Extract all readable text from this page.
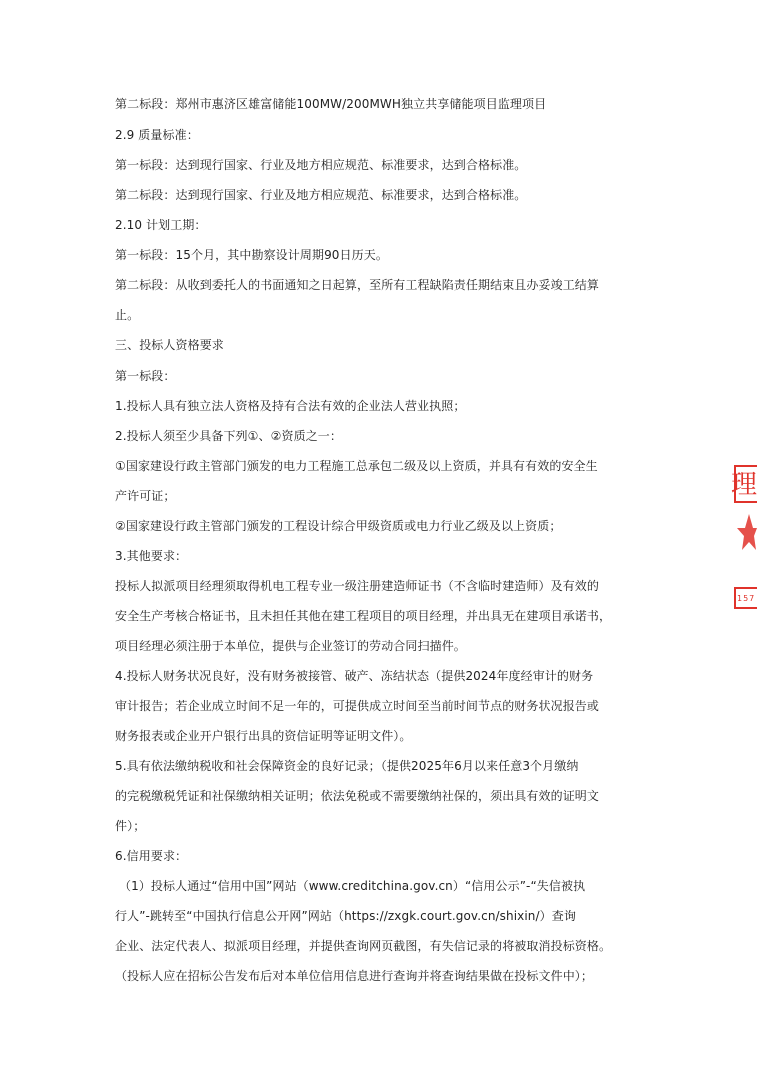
第二标段：郑州市惠济区雄富储能100MW/200MWH独立共享储能项目监理项目
2.9 质量标准：
第一标段：达到现行国家、行业及地方相应规范、标准要求，达到合格标准。
第二标段：达到现行国家、行业及地方相应规范、标准要求，达到合格标准。
2.10 计划工期：
第一标段：15个月，其中勘察设计周期90日历天。
第二标段：从收到委托人的书面通知之日起算，至所有工程缺陷责任期结束且办妥竣工结算
止。
三、投标人资格要求
第一标段：
1.投标人具有独立法人资格及持有合法有效的企业法人营业执照；
2.投标人须至少具备下列①、②资质之一：
①国家建设行政主管部门颁发的电力工程施工总承包二级及以上资质，并具有有效的安全生
产许可证；
②国家建设行政主管部门颁发的工程设计综合甲级资质或电力行业乙级及以上资质；
3.其他要求：
投标人拟派项目经理须取得机电工程专业一级注册建造师证书（不含临时建造师）及有效的
安全生产考核合格证书，且未担任其他在建工程项目的项目经理，并出具无在建项目承诺书，
项目经理必须注册于本单位，提供与企业签订的劳动合同扫描件。
4.投标人财务状况良好，没有财务被接管、破产、冻结状态（提供2024年度经审计的财务
审计报告；若企业成立时间不足一年的，可提供成立时间至当前时间节点的财务状况报告或
财务报表或企业开户银行出具的资信证明等证明文件）。
5.具有依法缴纳税收和社会保障资金的良好记录；（提供2025年6月以来任意3个月缴纳
的完税缴税凭证和社保缴纳相关证明；依法免税或不需要缴纳社保的，须出具有效的证明文
件）；
6.信用要求：
（1）投标人通过“信用中国”网站（www.creditchina.gov.cn）“信用公示”-“失信被执
行人”-跳转至“中国执行信息公开网”网站（https://zxgk.court.gov.cn/shixin/）查询
企业、法定代表人、拟派项目经理，并提供查询网页截图，有失信记录的将被取消投标资格。
（投标人应在招标公告发布后对本单位信用信息进行查询并将查询结果做在投标文件中）；
理
157
